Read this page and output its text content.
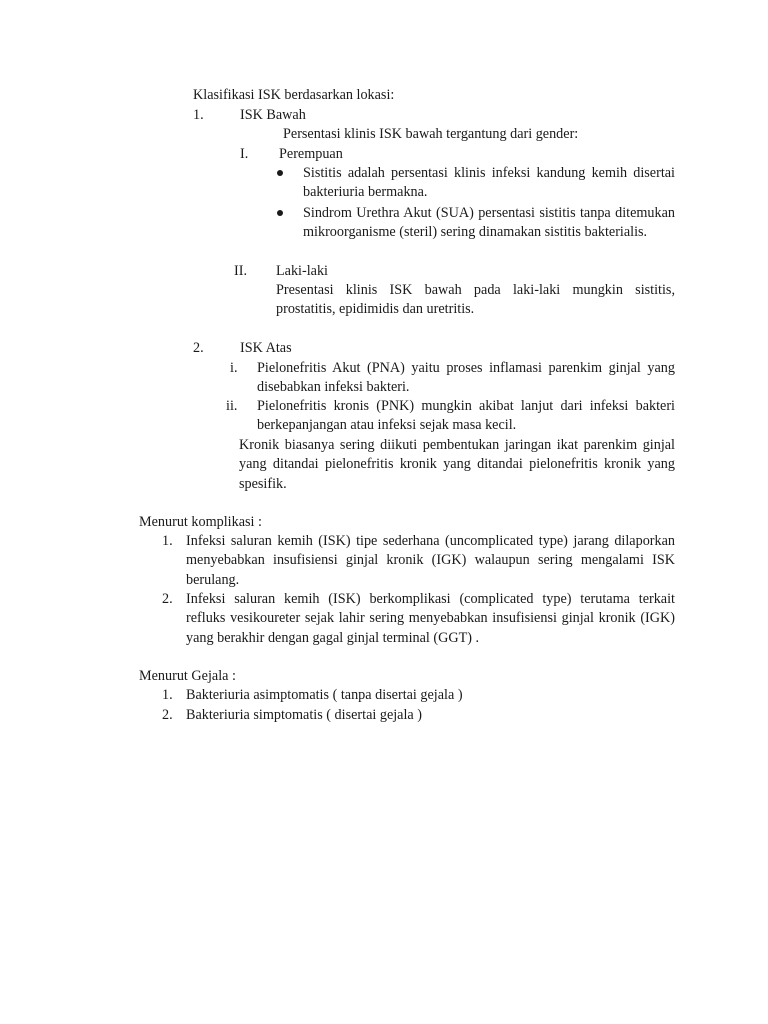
Klasifikasi ISK berdasarkan lokasi:
1.	ISK Bawah
Persentasi klinis ISK bawah tergantung dari gender:
I. Perempuan
Sistitis adalah persentasi klinis infeksi kandung kemih disertai bakteriuria bermakna.
Sindrom Urethra Akut (SUA) persentasi sistitis tanpa ditemukan mikroorganisme (steril) sering dinamakan sistitis bakterialis.
II. Laki-laki
Presentasi klinis ISK bawah pada laki-laki mungkin sistitis, prostatitis, epidimidis dan uretritis.
2.	ISK Atas
i. Pielonefritis Akut (PNA) yaitu proses inflamasi parenkim ginjal yang disebabkan infeksi bakteri.
ii. Pielonefritis kronis (PNK) mungkin akibat lanjut dari infeksi bakteri berkepanjangan atau infeksi sejak masa kecil.
Kronik biasanya sering diikuti pembentukan jaringan ikat parenkim ginjal yang ditandai pielonefritis kronik yang ditandai pielonefritis kronik yang spesifik.
Menurut komplikasi :
1. Infeksi saluran kemih (ISK) tipe sederhana (uncomplicated type) jarang dilaporkan menyebabkan insufisiensi ginjal kronik (IGK) walaupun sering mengalami ISK berulang.
2. Infeksi saluran kemih (ISK) berkomplikasi (complicated type) terutama terkait refluks vesikoureter sejak lahir sering menyebabkan insufisiensi ginjal kronik (IGK) yang berakhir dengan gagal ginjal terminal (GGT) .
Menurut Gejala :
1. Bakteriuria asimptomatis ( tanpa disertai gejala )
2. Bakteriuria simptomatis ( disertai gejala )
